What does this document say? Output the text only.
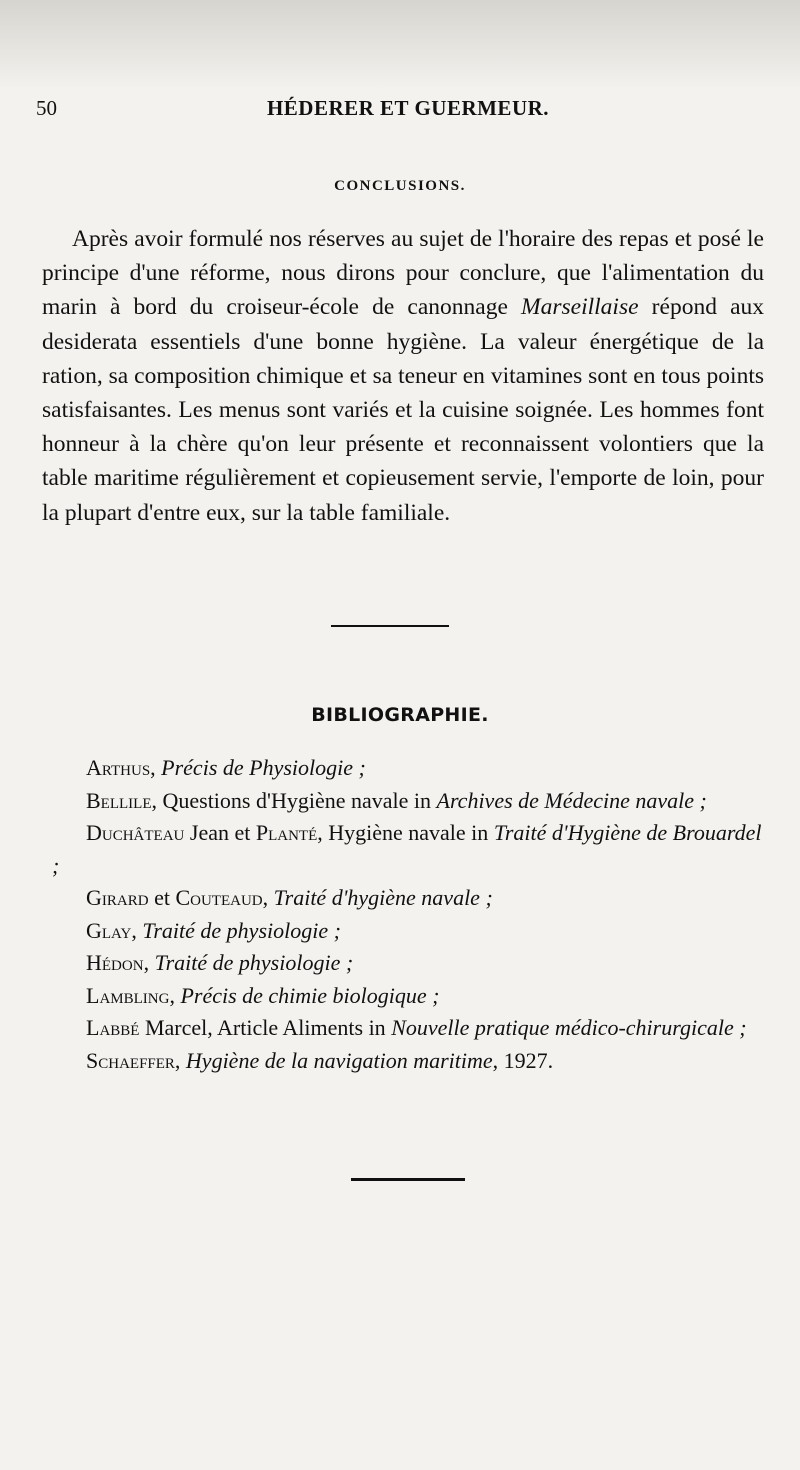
50	HÉDERER ET GUERMEUR.
CONCLUSIONS.

Après avoir formulé nos réserves au sujet de l'horaire des repas et posé le principe d'une réforme, nous dirons pour conclure, que l'alimentation du marin à bord du croiseur-école de canonnage Marseillaise répond aux desiderata essentiels d'une bonne hygiène. La valeur énergétique de la ration, sa composition chimique et sa teneur en vitamines sont en tous points satisfaisantes. Les menus sont variés et la cuisine soignée. Les hommes font honneur à la chère qu'on leur présente et reconnaissent volontiers que la table maritime régulièrement et copieusement servie, l'emporte de loin, pour la plupart d'entre eux, sur la table familiale.

BIBLIOGRAPHIE.
Arthus, Précis de Physiologie ;
Bellile, Questions d'Hygiène navale in Archives de Médecine navale ;
Duchâteau Jean et Planté, Hygiène navale in Traité d'Hygiène de Brouardel ;
Girard et Couteaud, Traité d'hygiène navale ;
Glay, Traité de physiologie ;
Hédon, Traité de physiologie ;
Lambling, Précis de chimie biologique ;
Labbé Marcel, Article Aliments in Nouvelle pratique médico-chirurgicale ;
Schaeffer, Hygiène de la navigation maritime, 1927.
